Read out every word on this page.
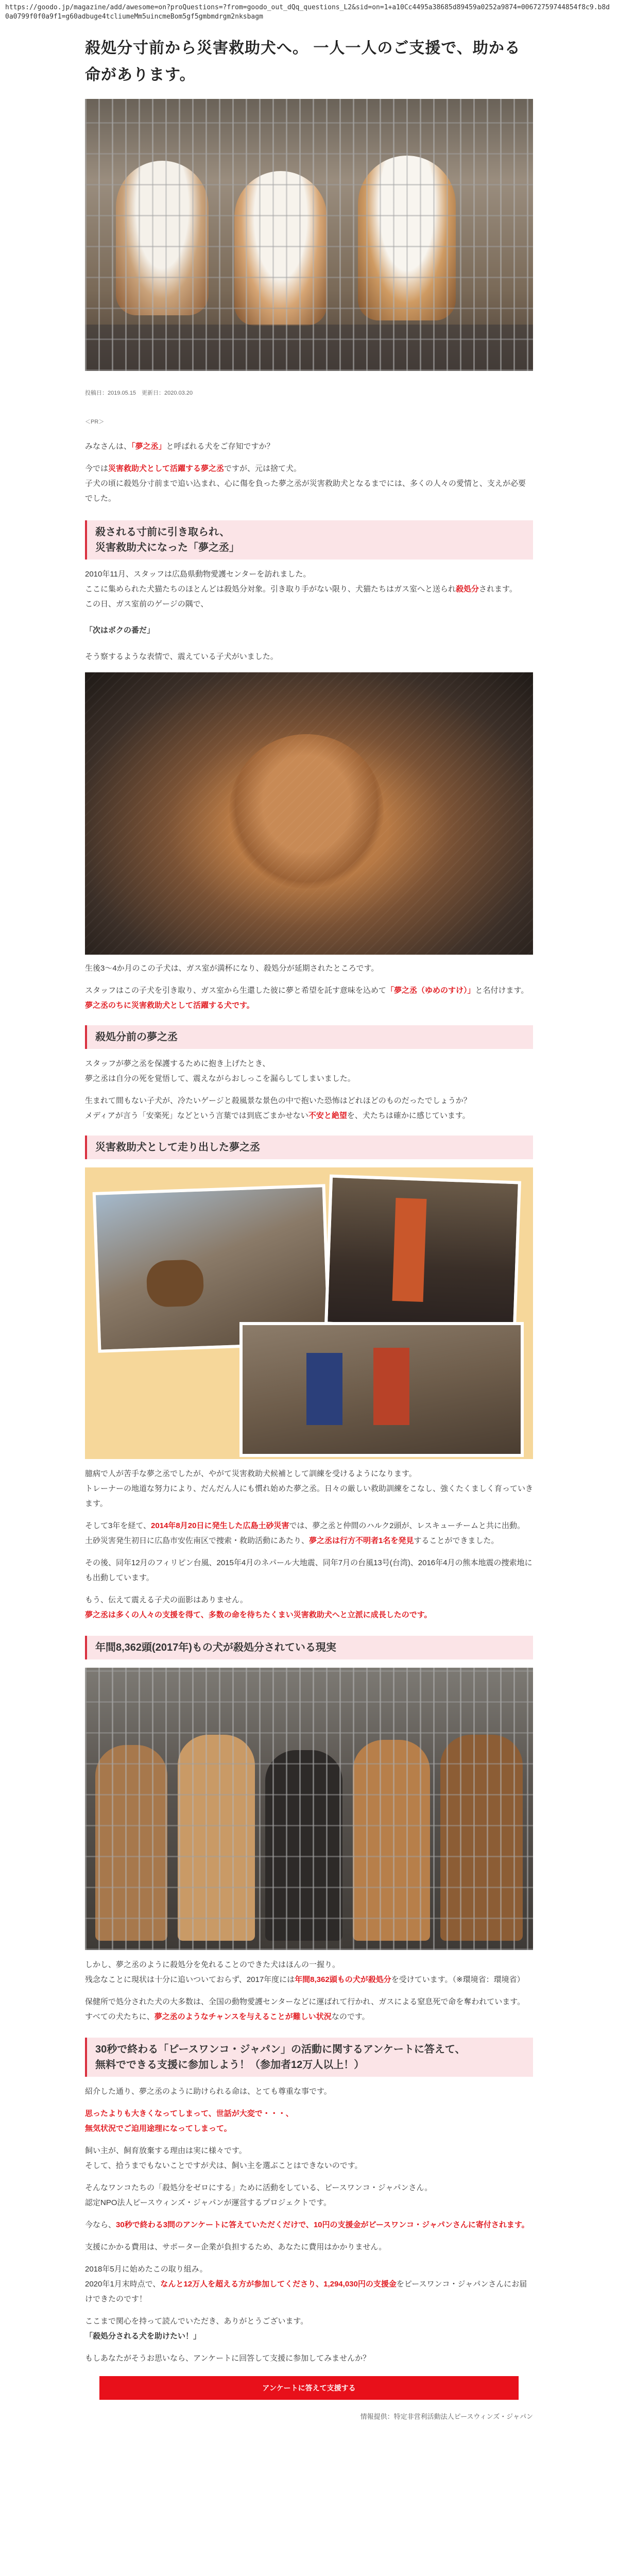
https://goodo.jp/magazine/add/awesome=on?proQuestions=?from=goodo_out_dQq_questions_L2&sid=on=1+a10Cc4495a38685d89459a0252a9874=00672759744854f8c9.b8d0a0799f0f0a9f1=g60adbuge4tcliumeMm5uincmeBom5gf5gmbmdrgm2nksbagm
殺処分寸前から災害救助犬へ。 一人一人のご支援で、助かる命があります。
投稿日：2019.05.15　更新日：2020.03.20
＜PR＞

みなさんは、「夢之丞」と呼ばれる犬をご存知ですか？

今では災害救助犬として活躍する夢之丞ですが、元は捨て犬。

子犬の頃に殺処分寸前まで追い込まれ、心に傷を負った夢之丞が災害救助犬となるまでには、多くの人々の愛情と、支えが必要でした。

殺される寸前に引き取られ、
災害救助犬になった「夢之丞」

2010年11月、スタッフは広島県動物愛護センターを訪れました。

ここに集められた犬猫たちのほとんどは殺処分対象。引き取り手がない限り、犬猫たちはガス室へと送られ殺処分されます。

この日、ガス室前のゲージの隅で、

「次はボクの番だ」

そう察するような表情で、震えている子犬がいました。

生後3〜4か月のこの子犬は、ガス室が満杯になり、殺処分が延期されたところです。

スタッフはこの子犬を引き取り、ガス室から生還した彼に夢と希望を託す意味を込めて「夢之丞（ゆめのすけ）」と名付けます。

夢之丞のちに災害救助犬として活躍する犬です。

殺処分前の夢之丞

スタッフが夢之丞を保護するために抱き上げたとき、

夢之丞は自分の死を覚悟して、震えながらおしっこを漏らしてしまいました。

生まれて間もない子犬が、冷たいゲージと殺風景な景色の中で抱いた恐怖はどれほどのものだったでしょうか？

メディアが言う「安楽死」などという言葉では到底ごまかせない不安と絶望を、犬たちは確かに感じています。

災害救助犬として走り出した夢之丞

臆病で人が苦手な夢之丞でしたが、やがて災害救助犬候補として訓練を受けるようになります。

トレーナーの地道な努力により、だんだん人にも慣れ始めた夢之丞。日々の厳しい救助訓練をこなし、強くたくましく育っていきます。

そして3年を経て、2014年8月20日に発生した広島土砂災害では、夢之丞と仲間のハルク2頭が、レスキューチームと共に出動。

土砂災害発生初日に広島市安佐南区で捜索・救助活動にあたり、夢之丞は行方不明者1名を発見することができました。

その後、同年12月のフィリピン台風、2015年4月のネパール大地震、同年7月の台風13号(台湾)、2016年4月の熊本地震の捜索地にも出動しています。

もう、伝えて震える子犬の面影はありません。

夢之丞は多くの人々の支援を得て、多数の命を待ちたくまい災害救助犬へと立派に成長したのです。

年間8,362頭(2017年)もの犬が殺処分されている現実

しかし、夢之丞のように殺処分を免れることのできた犬はほんの一握り。

残念なことに現状は十分に追いついておらず、2017年度には年間8,362頭もの犬が殺処分を受けています。（※環境省：環境省）

保健所で処分された犬の大多数は、全国の動物愛護センターなどに運ばれて行かれ、ガスによる窒息死で命を奪われています。

すべての犬たちに、夢之丞のようなチャンスを与えることが難しい状況なのです。

30秒で終わる「ピースワンコ・ジャパン」の活動に関するアンケートに答えて、
無料でできる支援に参加しよう！（参加者12万人以上！）

紹介した通り、夢之丞のように助けられる命は、とても尊重な事です。

思ったよりも大きくなってしまって、世話が大変で・・・、

無気状況でご迫用途理になってしまって。

飼い主が、飼育放棄する理由は実に様々です。

そして、拾うまでもないことですが犬は、飼い主を選ぶことはできないのです。

そんなワンコたちの「殺処分をゼロにする」ために活動をしている、ピースワンコ・ジャパンさん。

認定NPO法人ピースウィンズ・ジャパンが運営するプロジェクトです。

今なら、30秒で終わる3問のアンケートに答えていただくだけで、10円の支援金がピースワンコ・ジャパンさんに寄付されます。

支援にかかる費用は、サポーター企業が負担するため、あなたに費用はかかりません。

2018年5月に始めたこの取り組み。

2020年1月末時点で、なんと12万人を超える方が参加してくださり、1,294,030円の支援金をピースワンコ・ジャパンさんにお届けできたのです！

ここまで関心を持って読んでいただき、ありがとうございます。

「殺処分される犬を助けたい！」

もしあなたがそうお思いなら、アンケートに回答して支援に参加してみませんか？

アンケートに答えて支援する
情報提供：特定非営利活動法人ピースウィンズ・ジャパン
